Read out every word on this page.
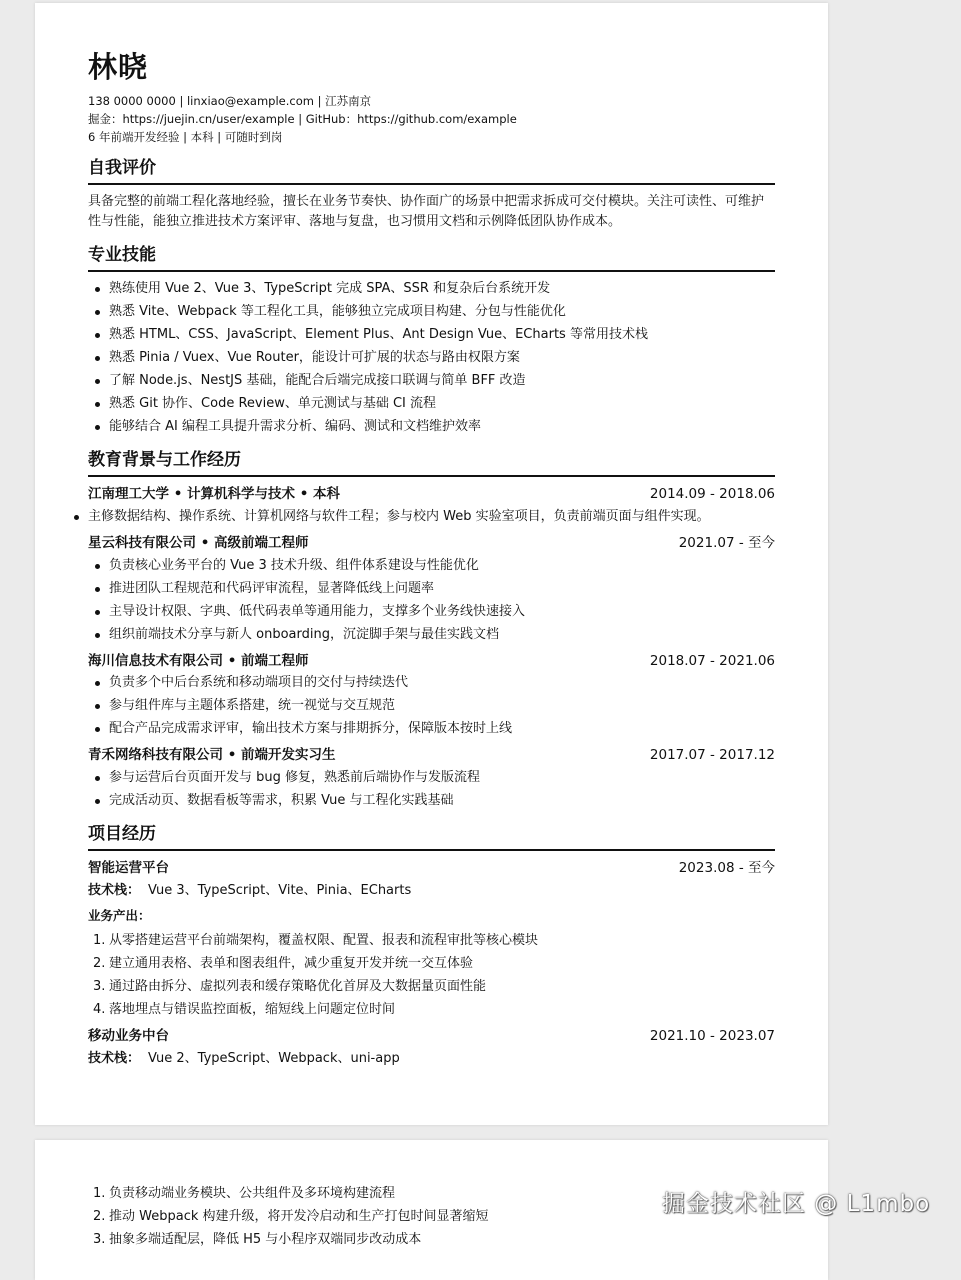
林晓
138 0000 0000 | linxiao@example.com | 江苏南京
掘金：https://juejin.cn/user/example | GitHub：https://github.com/example
6 年前端开发经验 | 本科 | 可随时到岗
自我评价
具备完整的前端工程化落地经验，擅长在业务节奏快、协作面广的场景中把需求拆成可交付模块。关注可读性、可维护性与性能，能独立推进技术方案评审、落地与复盘，也习惯用文档和示例降低团队协作成本。
专业技能
熟练使用 Vue 2、Vue 3、TypeScript 完成 SPA、SSR 和复杂后台系统开发
熟悉 Vite、Webpack 等工程化工具，能够独立完成项目构建、分包与性能优化
熟悉 HTML、CSS、JavaScript、Element Plus、Ant Design Vue、ECharts 等常用技术栈
熟悉 Pinia / Vuex、Vue Router，能设计可扩展的状态与路由权限方案
了解 Node.js、NestJS 基础，能配合后端完成接口联调与简单 BFF 改造
熟悉 Git 协作、Code Review、单元测试与基础 CI 流程
能够结合 AI 编程工具提升需求分析、编码、测试和文档维护效率
教育背景与工作经历
江南理工大学 • 计算机科学与技术 • 本科	2014.09 - 2018.06
主修数据结构、操作系统、计算机网络与软件工程；参与校内 Web 实验室项目，负责前端页面与组件实现。
星云科技有限公司 • 高级前端工程师	2021.07 - 至今
负责核心业务平台的 Vue 3 技术升级、组件体系建设与性能优化
推进团队工程规范和代码评审流程，显著降低线上问题率
主导设计权限、字典、低代码表单等通用能力，支撑多个业务线快速接入
组织前端技术分享与新人 onboarding，沉淀脚手架与最佳实践文档
海川信息技术有限公司 • 前端工程师	2018.07 - 2021.06
负责多个中后台系统和移动端项目的交付与持续迭代
参与组件库与主题体系搭建，统一视觉与交互规范
配合产品完成需求评审，输出技术方案与排期拆分，保障版本按时上线
青禾网络科技有限公司 • 前端开发实习生	2017.07 - 2017.12
参与运营后台页面开发与 bug 修复，熟悉前后端协作与发版流程
完成活动页、数据看板等需求，积累 Vue 与工程化实践基础
项目经历
智能运营平台	2023.08 - 至今
技术栈： Vue 3、TypeScript、Vite、Pinia、ECharts
业务产出：
1. 从零搭建运营平台前端架构，覆盖权限、配置、报表和流程审批等核心模块
2. 建立通用表格、表单和图表组件，减少重复开发并统一交互体验
3. 通过路由拆分、虚拟列表和缓存策略优化首屏及大数据量页面性能
4. 落地埋点与错误监控面板，缩短线上问题定位时间
移动业务中台	2021.10 - 2023.07
技术栈： Vue 2、TypeScript、Webpack、uni-app
1. 负责移动端业务模块、公共组件及多环境构建流程
2. 推动 Webpack 构建升级，将开发冷启动和生产打包时间显著缩短
3. 抽象多端适配层，降低 H5 与小程序双端同步改动成本
掘金技术社区 @ L1mbo
